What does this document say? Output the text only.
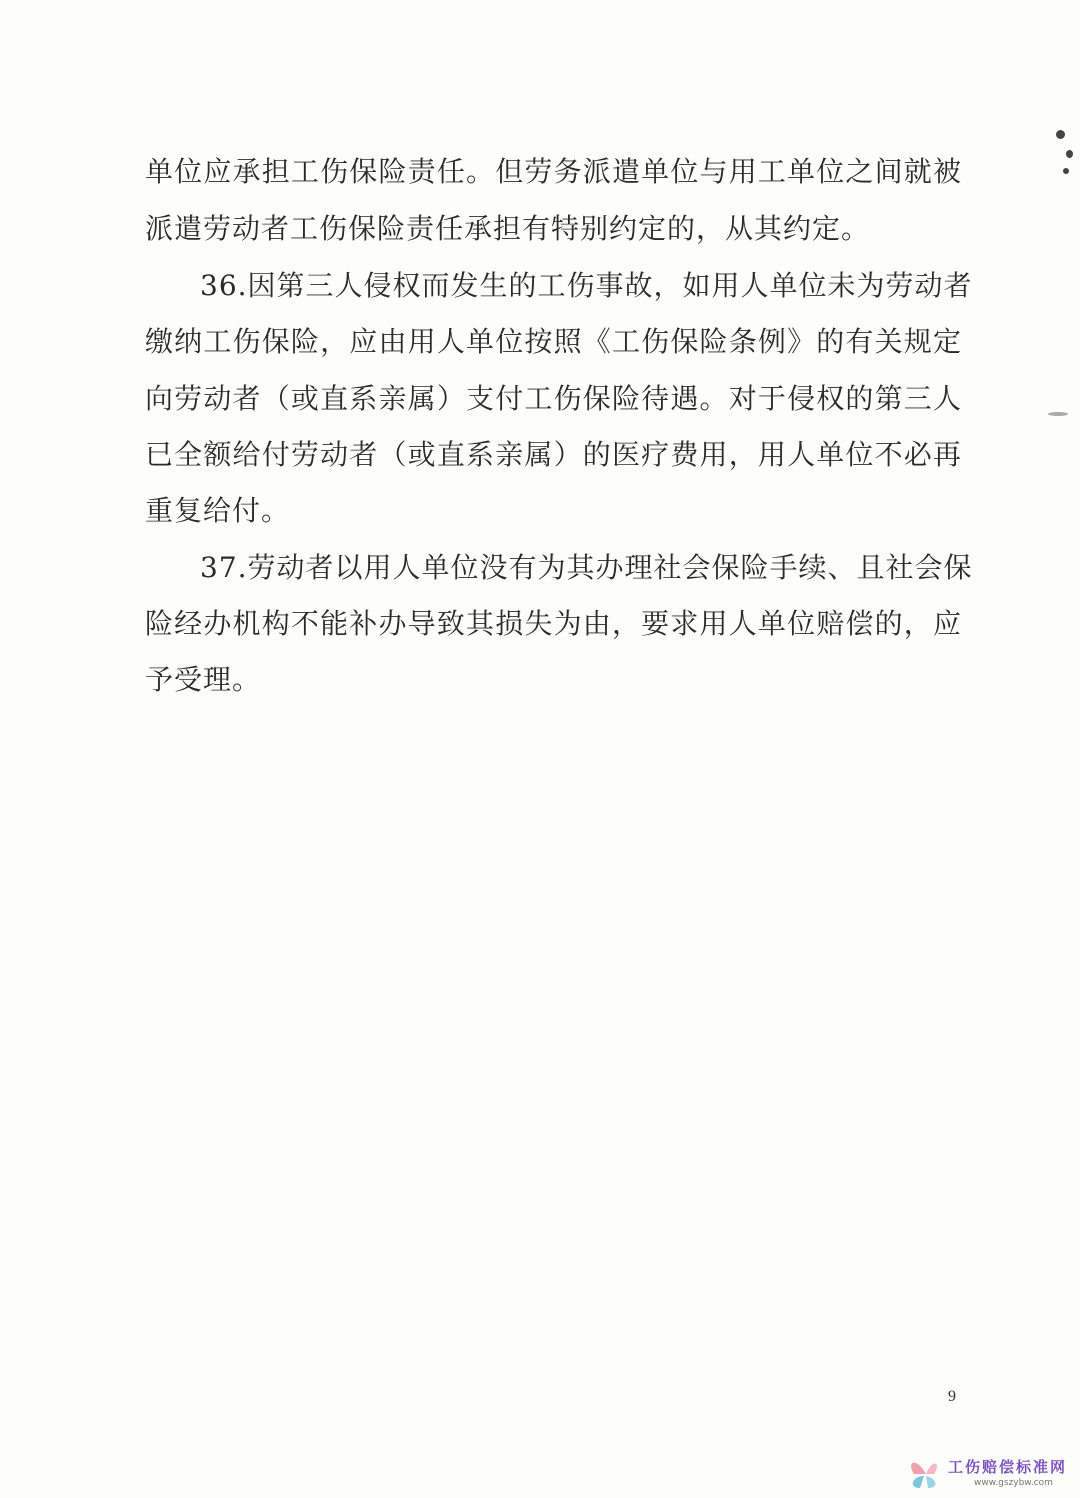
单位应承担工伤保险责任。但劳务派遣单位与用工单位之间就被
派遣劳动者工伤保险责任承担有特别约定的，从其约定。
36.因第三人侵权而发生的工伤事故，如用人单位未为劳动者
缴纳工伤保险，应由用人单位按照《工伤保险条例》的有关规定
向劳动者（或直系亲属）支付工伤保险待遇。对于侵权的第三人
已全额给付劳动者（或直系亲属）的医疗费用，用人单位不必再
重复给付。
37.劳动者以用人单位没有为其办理社会保险手续、且社会保
险经办机构不能补办导致其损失为由，要求用人单位赔偿的，应
予受理。
9
工伤赔偿标准网
www.gszybw.com
